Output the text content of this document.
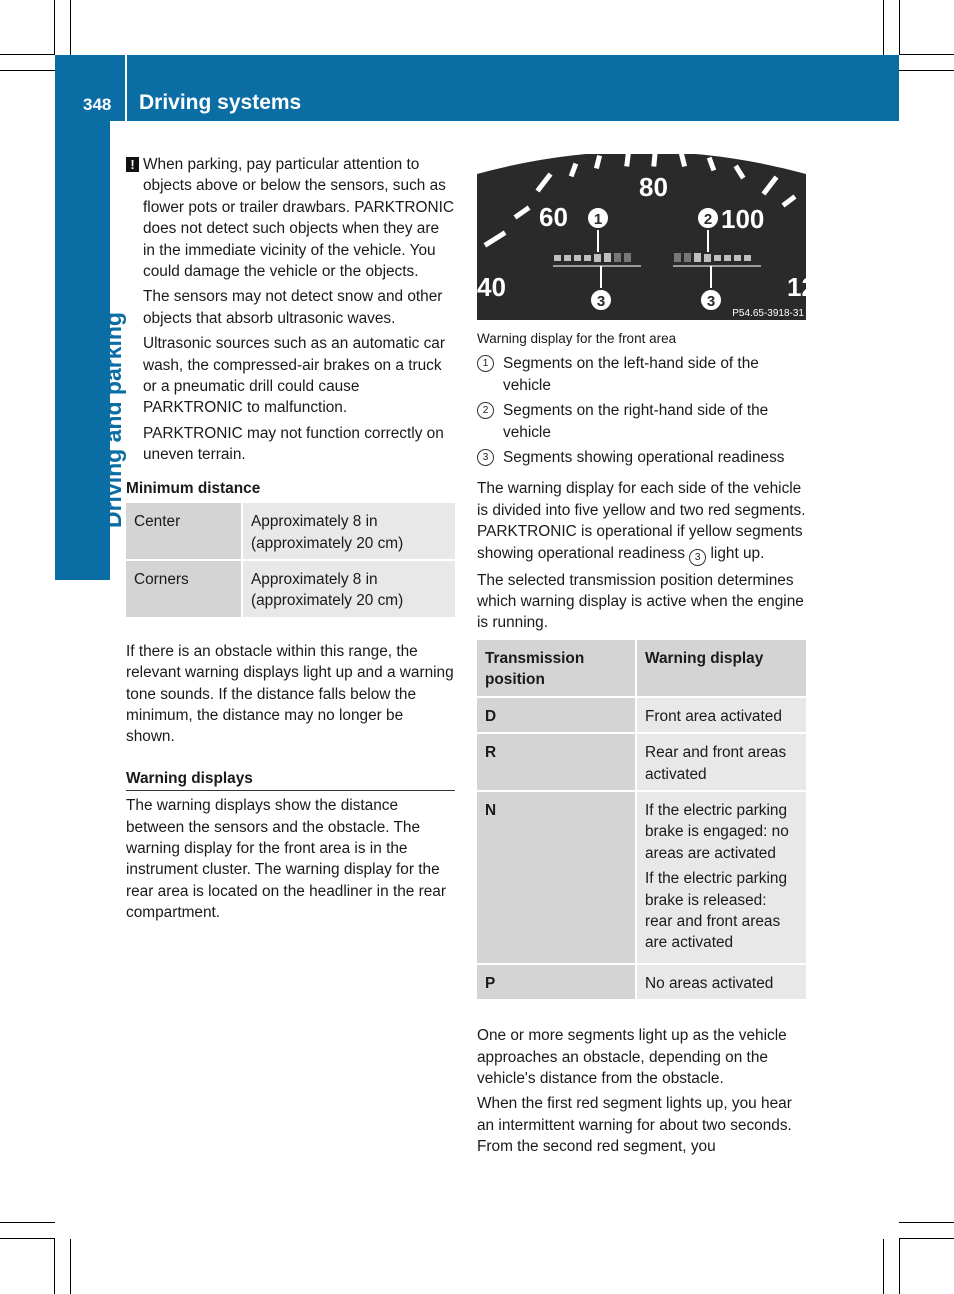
348 Driving systems
Driving and parking
! When parking, pay particular attention to objects above or below the sensors, such as flower pots or trailer drawbars. PARKTRONIC does not detect such objects when they are in the immediate vicinity of the vehicle. You could damage the vehicle or the objects.

The sensors may not detect snow and other objects that absorb ultrasonic waves.

Ultrasonic sources such as an automatic car wash, the compressed-air brakes on a truck or a pneumatic drill could cause PARKTRONIC to malfunction.

PARKTRONIC may not function correctly on uneven terrain.

Minimum distance

Center	Approximately 8 in (approximately 20 cm)
Corners	Approximately 8 in (approximately 20 cm)

If there is an obstacle within this range, the relevant warning displays light up and a warning tone sounds. If the distance falls below the minimum, the distance may no longer be shown.

Warning displays

The warning displays show the distance between the sensors and the obstacle. The warning display for the front area is in the instrument cluster. The warning display for the rear area is located on the headliner in the rear compartment.

40
60
80
100
12
1	2
3	3
P54.65-3918-31

Warning display for the front area

1 Segments on the left-hand side of the vehicle
2 Segments on the right-hand side of the vehicle
3 Segments showing operational readiness

The warning display for each side of the vehicle is divided into five yellow and two red segments. PARKTRONIC is operational if yellow segments showing operational readiness 3 light up.

The selected transmission position determines which warning display is active when the engine is running.

Transmission position	Warning display
D	Front area activated
R	Rear and front areas activated
N	If the electric parking brake is engaged: no areas are activated

If the electric parking brake is released: rear and front areas are activated

P	No areas activated

One or more segments light up as the vehicle approaches an obstacle, depending on the vehicle's distance from the obstacle.

When the first red segment lights up, you hear an intermittent warning for about two seconds. From the second red segment, you
